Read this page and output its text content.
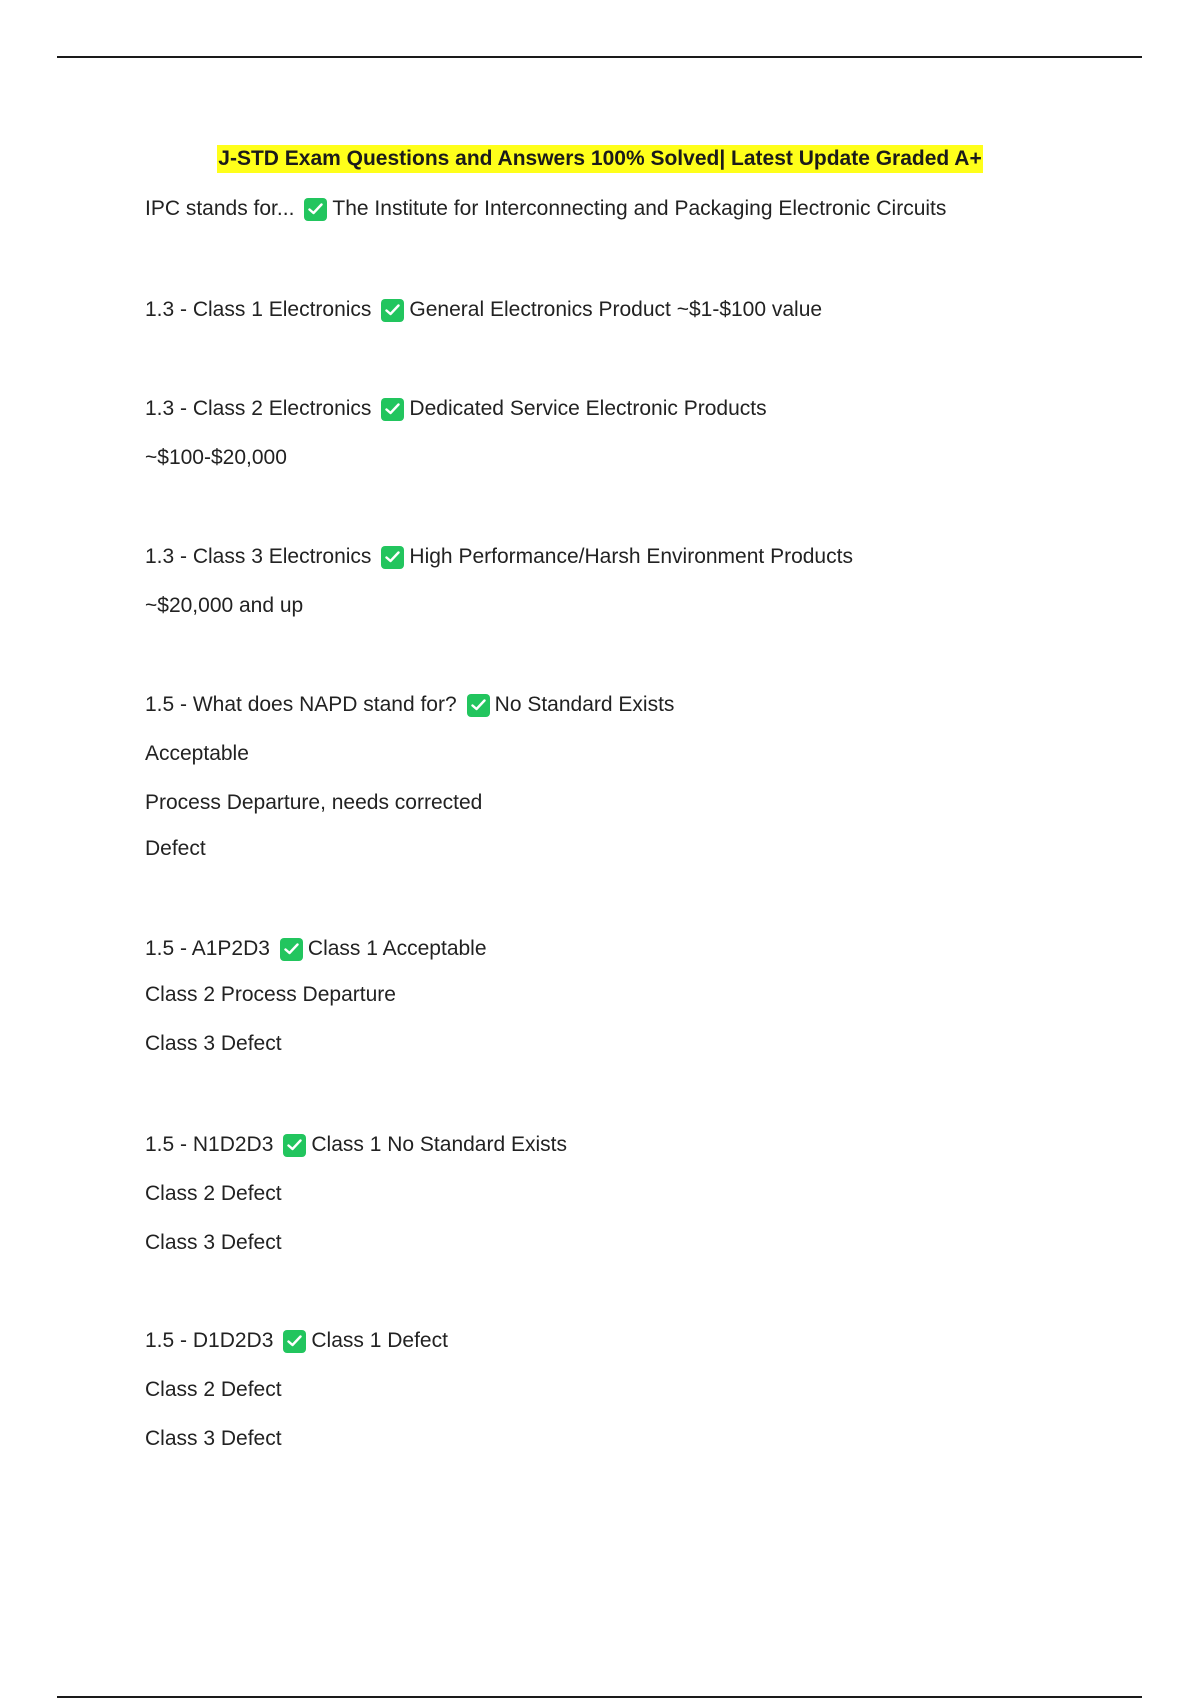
J-STD Exam Questions and Answers 100% Solved| Latest Update Graded A+
IPC stands for... The Institute for Interconnecting and Packaging Electronic Circuits
1.3 - Class 1 Electronics General Electronics Product ~$1-$100 value
1.3 - Class 2 Electronics Dedicated Service Electronic Products
~$100-$20,000
1.3 - Class 3 Electronics High Performance/Harsh Environment Products
~$20,000 and up
1.5 - What does NAPD stand for? No Standard Exists
Acceptable
Process Departure, needs corrected
Defect
1.5 - A1P2D3 Class 1 Acceptable
Class 2 Process Departure
Class 3 Defect
1.5 - N1D2D3 Class 1 No Standard Exists
Class 2 Defect
Class 3 Defect
1.5 - D1D2D3 Class 1 Defect
Class 2 Defect
Class 3 Defect
